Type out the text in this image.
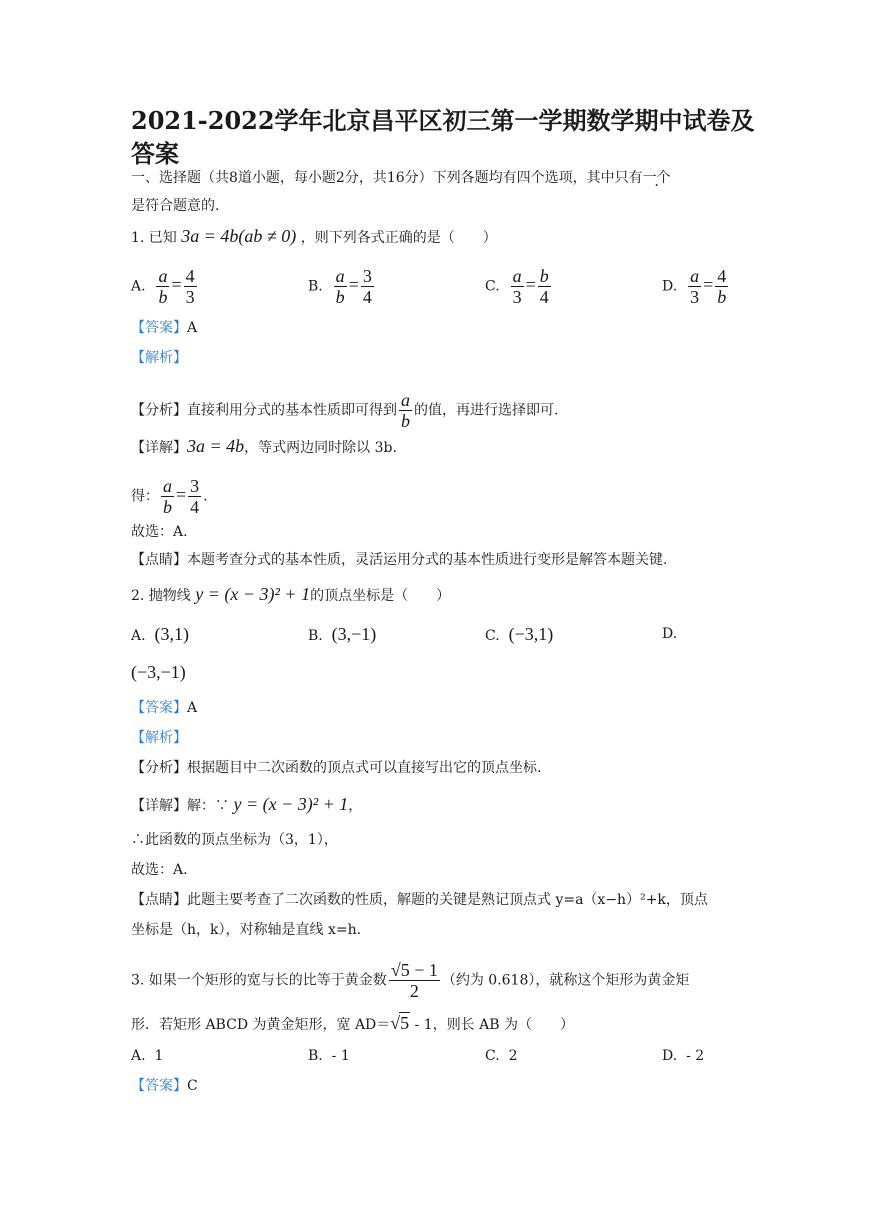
2021-2022学年北京昌平区初三第一学期数学期中试卷及答案
一、选择题（共8道小题，每小题2分，共16分）下列各题均有四个选项，其中只有一个
是符合题意的.
1. 已知 3a = 4b(ab ≠ 0) ，则下列各式正确的是（　　）
A. $\frac{a}{b} = \frac{4}{3}$	B. $\frac{a}{b} = \frac{3}{4}$	C. $\frac{a}{3} = \frac{b}{4}$	D. $\frac{a}{3} = \frac{4}{b}$
【答案】A
【解析】
【分析】直接利用分式的基本性质即可得到 $\frac{a}{b}$ 的值，再进行选择即可.
【详解】3a = 4b，等式两边同时除以 3b.
得： $\frac{a}{b} = \frac{3}{4}$ .
故选：A.
【点睛】本题考查分式的基本性质，灵活运用分式的基本性质进行变形是解答本题关键.
2. 抛物线 y = (x − 3)² + 1的顶点坐标是（　　）
A. (3,1)	B. (3,−1)	C. (−3,1)	D.
(−3,−1)
【答案】A
【解析】
【分析】根据题目中二次函数的顶点式可以直接写出它的顶点坐标.
【详解】解：∵ y = (x − 3)² + 1，
∴此函数的顶点坐标为（3，1），
故选：A.
【点睛】此题主要考查了二次函数的性质，解题的关键是熟记顶点式 y=a（x−h）²+k，顶点
坐标是（h，k），对称轴是直线 x=h.
3. 如果一个矩形的宽与长的比等于黄金数 $\frac{√5 - 1}{2}$ （约为 0.618），就称这个矩形为黄金矩
形．若矩形 ABCD 为黄金矩形，宽 AD＝√5 - 1，则长 AB 为（　　）
A. 1	B. - 1	C. 2	D. - 2
【答案】C
